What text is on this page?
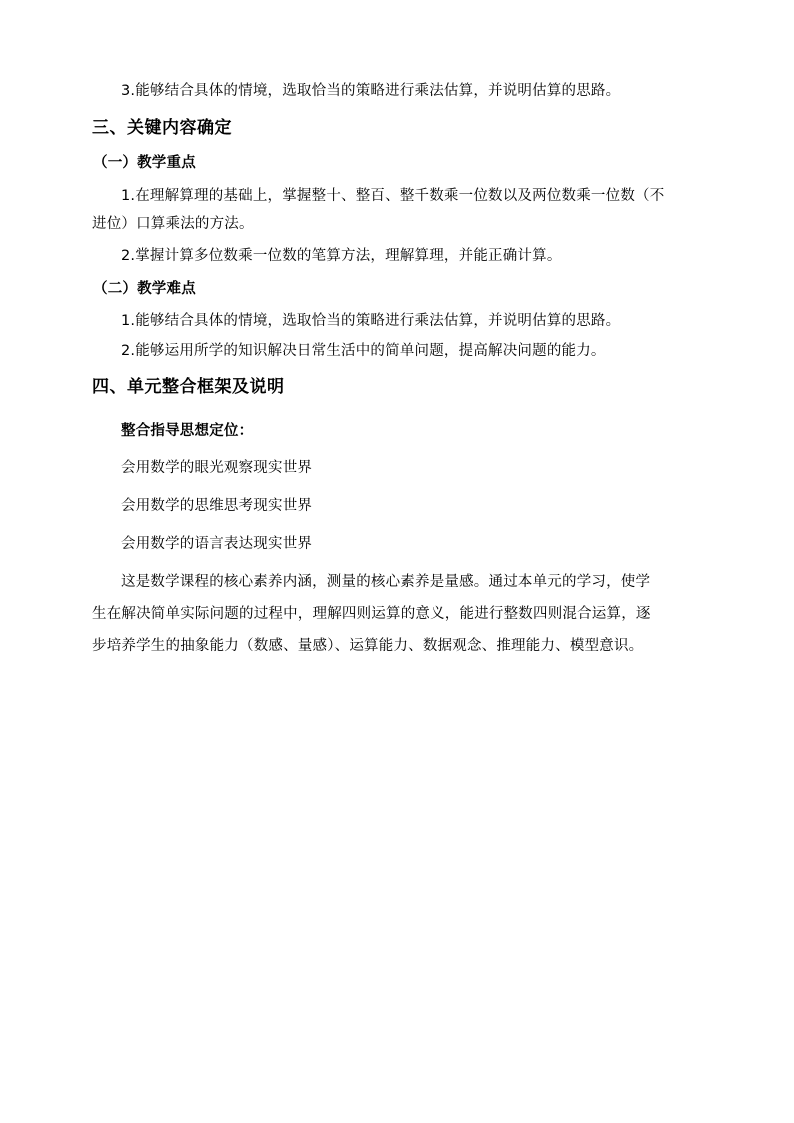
3.能够结合具体的情境，选取恰当的策略进行乘法估算，并说明估算的思路。
三、关键内容确定
（一）教学重点
1.在理解算理的基础上，掌握整十、整百、整千数乘一位数以及两位数乘一位数（不
进位）口算乘法的方法。
2.掌握计算多位数乘一位数的笔算方法，理解算理，并能正确计算。
（二）教学难点
1.能够结合具体的情境，选取恰当的策略进行乘法估算，并说明估算的思路。
2.能够运用所学的知识解决日常生活中的简单问题，提高解决问题的能力。
四、单元整合框架及说明
整合指导思想定位：
会用数学的眼光观察现实世界
会用数学的思维思考现实世界
会用数学的语言表达现实世界
这是数学课程的核心素养内涵，测量的核心素养是量感。通过本单元的学习，使学
生在解决简单实际问题的过程中，理解四则运算的意义，能进行整数四则混合运算，逐
步培养学生的抽象能力（数感、量感）、运算能力、数据观念、推理能力、模型意识。
